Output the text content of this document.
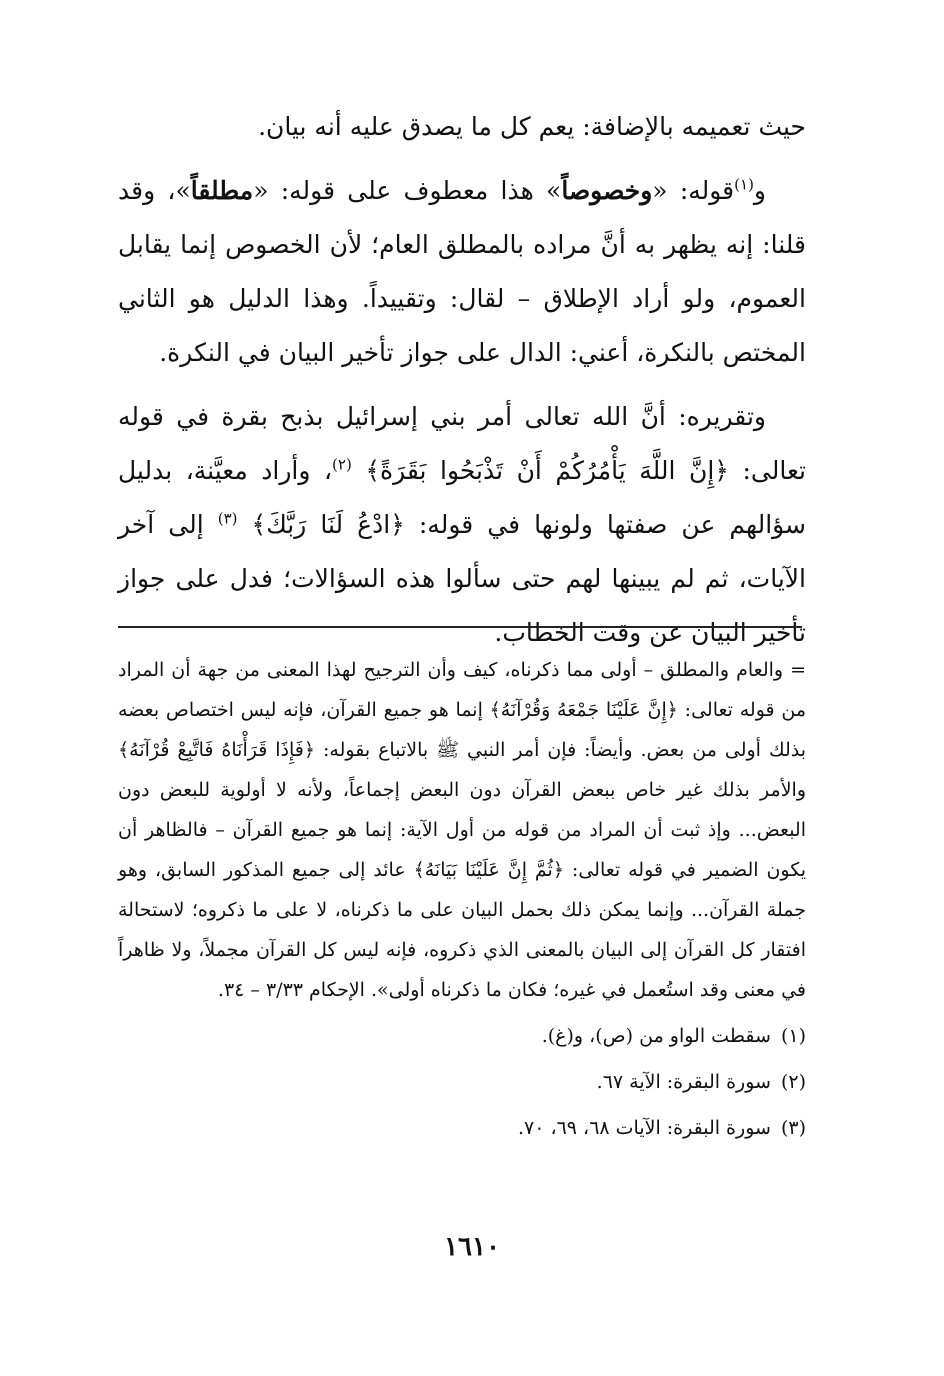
حيث تعميمه بالإضافة: يعم كل ما يصدق عليه أنه بيان.

و$^{(١)}$قوله: «وخصوصاً» هذا معطوف على قوله: «مطلقاً»، وقد قلنا: إنه يظهر به أنَّ مراده بالمطلق العام؛ لأن الخصوص إنما يقابل العموم، ولو أراد الإطلاق – لقال: وتقييداً. وهذا الدليل هو الثاني المختص بالنكرة، أعني: الدال على جواز تأخير البيان في النكرة.

وتقريره: أنَّ الله تعالى أمر بني إسرائيل بذبح بقرة في قوله تعالى: ﴿إِنَّ اللَّهَ يَأْمُرُكُمْ أَنْ تَذْبَحُوا بَقَرَةً﴾ $^{(٢)}$، وأراد معيَّنة، بدليل سؤالهم عن صفتها ولونها في قوله: ﴿ادْعُ لَنَا رَبَّكَ﴾ $^{(٣)}$ إلى آخر الآيات، ثم لم يبينها لهم حتى سألوا هذه السؤالات؛ فدل على جواز تأخير البيان عن وقت الخطاب.

= والعام والمطلق – أولى مما ذكرناه، كيف وأن الترجيح لهذا المعنى من جهة أن المراد من قوله تعالى: ﴿إِنَّ عَلَيْنَا جَمْعَهُ وَقُرْآنَهُ﴾ إنما هو جميع القرآن، فإنه ليس اختصاص بعضه بذلك أولى من بعض. وأيضاً: فإن أمر النبي ﷺ بالاتباع بقوله: ﴿فَإِذَا قَرَأْنَاهُ فَاتَّبِعْ قُرْآنَهُ﴾ والأمر بذلك غير خاص ببعض القرآن دون البعض إجماعاً، ولأنه لا أولوية للبعض دون البعض... وإذ ثبت أن المراد من قوله من أول الآية: إنما هو جميع القرآن – فالظاهر أن يكون الضمير في قوله تعالى: ﴿ثُمَّ إِنَّ عَلَيْنَا بَيَانَهُ﴾ عائد إلى جميع المذكور السابق، وهو جملة القرآن... وإنما يمكن ذلك بحمل البيان على ما ذكرناه، لا على ما ذكروه؛ لاستحالة افتقار كل القرآن إلى البيان بالمعنى الذي ذكروه، فإنه ليس كل القرآن مجملاً، ولا ظاهراً في معنى وقد استُعمل في غيره؛ فكان ما ذكرناه أولى». الإحكام ٣/٣٣ – ٣٤.

(١)سقطت الواو من (ص)، و(غ).

(٢)سورة البقرة: الآية ٦٧.

(٣)سورة البقرة: الآيات ٦٨، ٦٩، ٧٠.

١٦١٠
